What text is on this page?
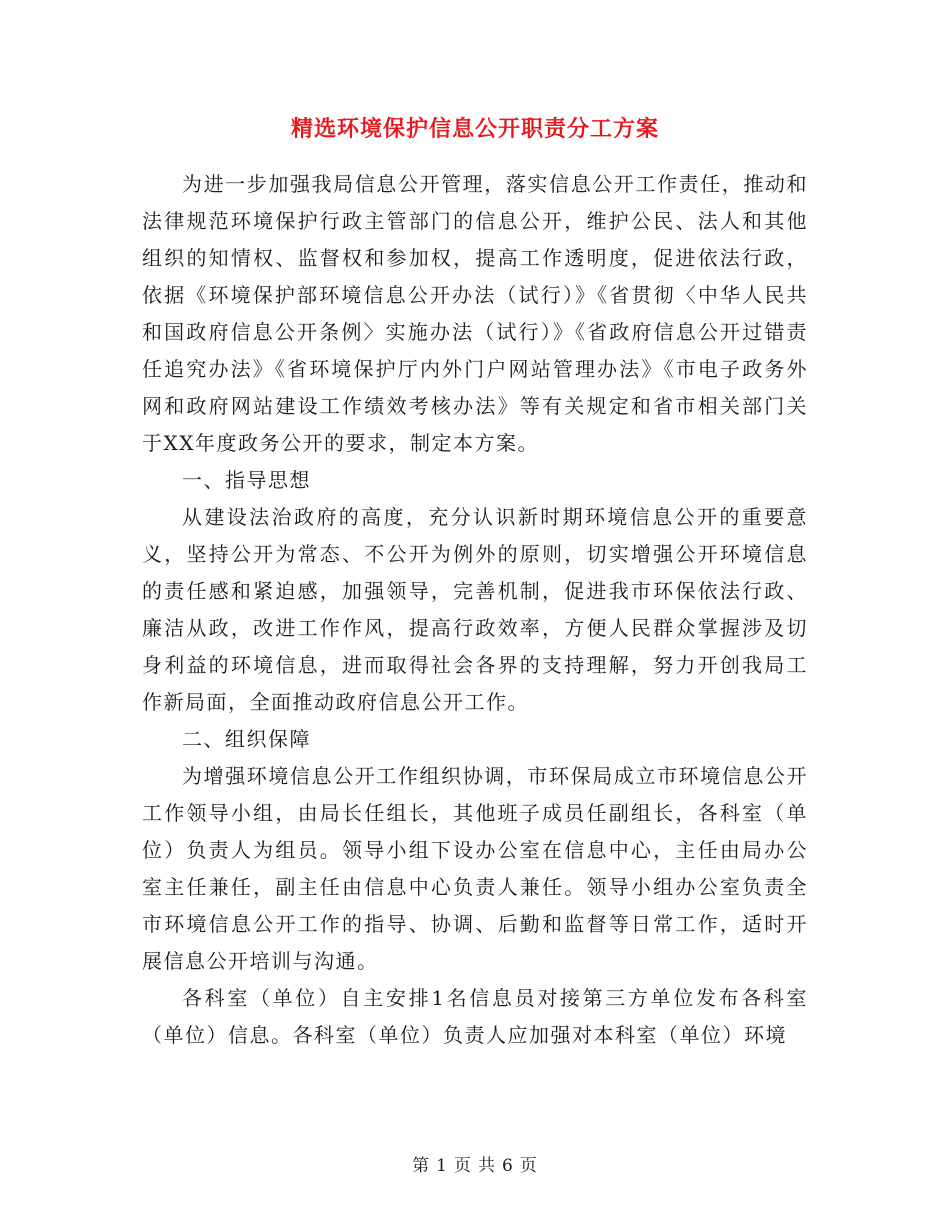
精选环境保护信息公开职责分工方案

为进一步加强我局信息公开管理，落实信息公开工作责任，推动和法律规范环境保护行政主管部门的信息公开，维护公民、法人和其他组织的知情权、监督权和参加权，提高工作透明度，促进依法行政，依据《环境保护部环境信息公开办法（试行）》《省贯彻〈中华人民共和国政府信息公开条例〉实施办法（试行）》《省政府信息公开过错责任追究办法》《省环境保护厅内外门户网站管理办法》《市电子政务外网和政府网站建设工作绩效考核办法》等有关规定和省市相关部门关于XX年度政务公开的要求，制定本方案。

一、指导思想

从建设法治政府的高度，充分认识新时期环境信息公开的重要意义，坚持公开为常态、不公开为例外的原则，切实增强公开环境信息的责任感和紧迫感，加强领导，完善机制，促进我市环保依法行政、廉洁从政，改进工作作风，提高行政效率，方便人民群众掌握涉及切身利益的环境信息，进而取得社会各界的支持理解，努力开创我局工作新局面，全面推动政府信息公开工作。

二、组织保障

为增强环境信息公开工作组织协调，市环保局成立市环境信息公开工作领导小组，由局长任组长，其他班子成员任副组长，各科室（单位）负责人为组员。领导小组下设办公室在信息中心，主任由局办公室主任兼任，副主任由信息中心负责人兼任。领导小组办公室负责全市环境信息公开工作的指导、协调、后勤和监督等日常工作，适时开展信息公开培训与沟通。

各科室（单位）自主安排1名信息员对接第三方单位发布各科室（单位）信息。各科室（单位）负责人应加强对本科室（单位）环境

第 1 页 共 6 页
